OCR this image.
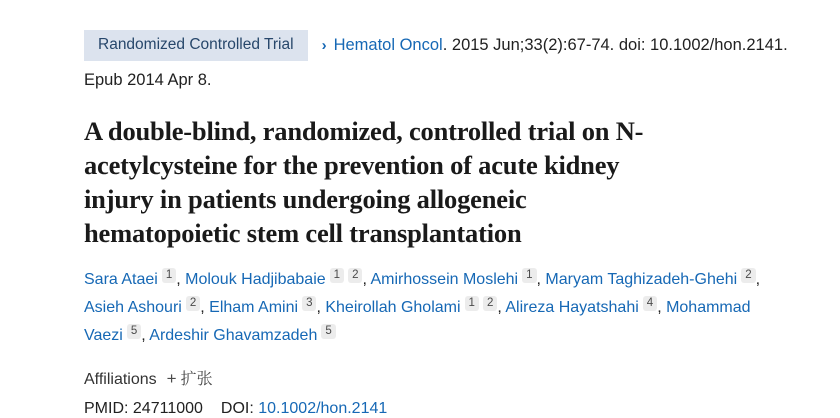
Randomized Controlled Trial › Hematol Oncol. 2015 Jun;33(2):67-74. doi: 10.1002/hon.2141.
Epub 2014 Apr 8.
A double-blind, randomized, controlled trial on N-
acetylcysteine for the prevention of acute kidney
injury in patients undergoing allogeneic
hematopoietic stem cell transplantation
Sara Ataei 1 , Molouk Hadjibabaie 1 2 , Amirhossein Moslehi 1 , Maryam Taghizadeh-Ghehi 2 , Asieh Ashouri 2 , Elham Amini 3 , Kheirollah Gholami 1 2 , Alireza Hayatshahi 4 , Mohammad Vaezi 5 , Ardeshir Ghavamzadeh 5
Affiliations + 扩张
PMID: 24711000 DOI: 10.1002/hon.2141
